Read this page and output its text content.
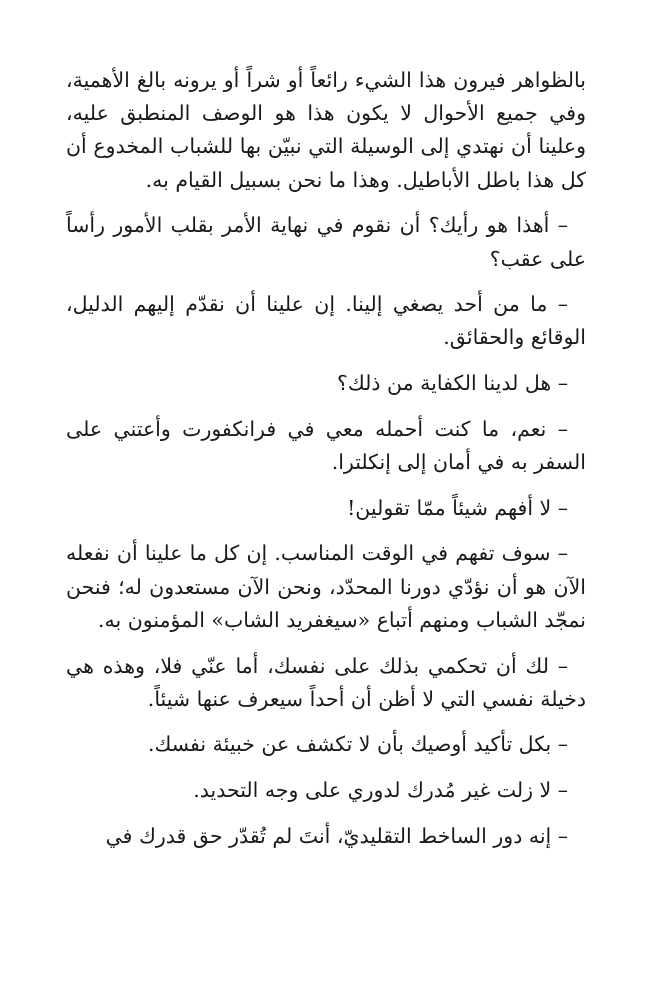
بالظواهر فيرون هذا الشيء رائعاً أو شراً أو يرونه بالغ الأهمية، وفي جميع الأحوال لا يكون هذا هو الوصف المنطبق عليه، وعلينا أن نهتدي إلى الوسيلة التي نبيّن بها للشباب المخدوع أن كل هذا باطل الأباطيل. وهذا ما نحن بسبيل القيام به.

– أهذا هو رأيك؟ أن نقوم في نهاية الأمر بقلب الأمور رأساً على عقب؟

– ما من أحد يصغي إلينا. إن علينا أن نقدّم إليهم الدليل، الوقائع والحقائق.

– هل لدينا الكفاية من ذلك؟

– نعم، ما كنت أحمله معي في فرانكفورت وأعتني على السفر به في أمان إلى إنكلترا.

– لا أفهم شيئاً ممّا تقولين!

– سوف تفهم في الوقت المناسب. إن كل ما علينا أن نفعله الآن هو أن نؤدّي دورنا المحدّد، ونحن الآن مستعدون له؛ فنحن نمجّد الشباب ومنهم أتباع «سيغفريد الشاب» المؤمنون به.

– لك أن تحكمي بذلك على نفسك، أما عنّي فلا، وهذه هي دخيلة نفسي التي لا أظن أن أحداً سيعرف عنها شيئاً.

– بكل تأكيد أوصيك بأن لا تكشف عن خبيئة نفسك.

– لا زلت غير مُدرك لدوري على وجه التحديد.

– إنه دور الساخط التقليديّ، أنتَ لم تُقدّر حق قدرك في
